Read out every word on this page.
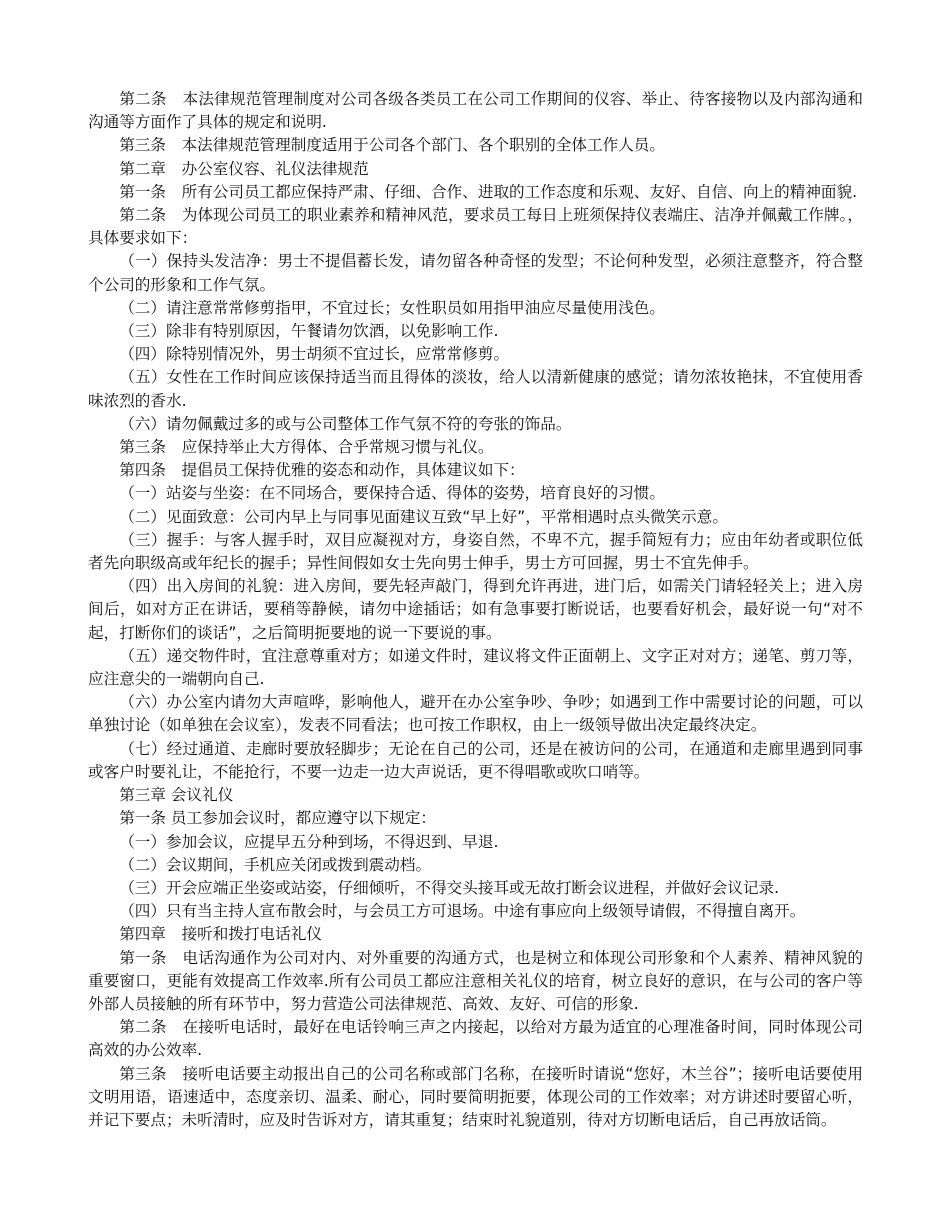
第二条　本法律规范管理制度对公司各级各类员工在公司工作期间的仪容、举止、待客接物以及内部沟通和沟通等方面作了具体的规定和说明.

第三条　本法律规范管理制度适用于公司各个部门、各个职别的全体工作人员。

第二章　办公室仪容、礼仪法律规范

第一条　所有公司员工都应保持严肃、仔细、合作、进取的工作态度和乐观、友好、自信、向上的精神面貌.

第二条　为体现公司员工的职业素养和精神风范，要求员工每日上班须保持仪表端庄、洁净并佩戴工作牌。，具体要求如下：

（一）保持头发洁净：男士不提倡蓄长发，请勿留各种奇怪的发型；不论何种发型，必须注意整齐，符合整个公司的形象和工作气氛。

（二）请注意常常修剪指甲，不宜过长；女性职员如用指甲油应尽量使用浅色。

（三）除非有特别原因，午餐请勿饮酒，以免影响工作.

（四）除特别情况外，男士胡须不宜过长，应常常修剪。

（五）女性在工作时间应该保持适当而且得体的淡妆，给人以清新健康的感觉；请勿浓妆艳抹，不宜使用香味浓烈的香水.

（六）请勿佩戴过多的或与公司整体工作气氛不符的夸张的饰品。

第三条　应保持举止大方得体、合乎常规习惯与礼仪。

第四条　提倡员工保持优雅的姿态和动作，具体建议如下：

（一）站姿与坐姿：在不同场合，要保持合适、得体的姿势，培育良好的习惯。

（二）见面致意：公司内早上与同事见面建议互致“早上好”，平常相遇时点头微笑示意。

（三）握手：与客人握手时，双目应凝视对方，身姿自然，不卑不亢，握手简短有力；应由年幼者或职位低者先向职级高或年纪长的握手；异性间假如女士先向男士伸手，男士方可回握，男士不宜先伸手。

（四）出入房间的礼貌：进入房间，要先轻声敲门，得到允许再进，进门后，如需关门请轻轻关上；进入房间后，如对方正在讲话，要稍等静候，请勿中途插话；如有急事要打断说话，也要看好机会，最好说一句“对不起，打断你们的谈话”，之后简明扼要地的说一下要说的事。

（五）递交物件时，宜注意尊重对方；如递文件时，建议将文件正面朝上、文字正对对方；递笔、剪刀等，应注意尖的一端朝向自己.

（六）办公室内请勿大声喧哗，影响他人，避开在办公室争吵、争吵；如遇到工作中需要讨论的问题，可以单独讨论（如单独在会议室），发表不同看法；也可按工作职权，由上一级领导做出决定最终决定。

（七）经过通道、走廊时要放轻脚步；无论在自己的公司，还是在被访问的公司，在通道和走廊里遇到同事或客户时要礼让，不能抢行，不要一边走一边大声说话，更不得唱歌或吹口哨等。

第三章 会议礼仪

第一条 员工参加会议时，都应遵守以下规定：

（一）参加会议，应提早五分种到场，不得迟到、早退.

（二）会议期间，手机应关闭或拨到震动档。

（三）开会应端正坐姿或站姿，仔细倾听，不得交头接耳或无故打断会议进程，并做好会议记录.

（四）只有当主持人宣布散会时，与会员工方可退场。中途有事应向上级领导请假，不得擅自离开。

第四章　接听和拨打电话礼仪

第一条　电话沟通作为公司对内、对外重要的沟通方式，也是树立和体现公司形象和个人素养、精神风貌的重要窗口，更能有效提高工作效率.所有公司员工都应注意相关礼仪的培育，树立良好的意识，在与公司的客户等外部人员接触的所有环节中，努力营造公司法律规范、高效、友好、可信的形象.

第二条　在接听电话时，最好在电话铃响三声之内接起，以给对方最为适宜的心理准备时间，同时体现公司高效的办公效率.

第三条　接听电话要主动报出自己的公司名称或部门名称，在接听时请说“您好，木兰谷”；接听电话要使用文明用语，语速适中，态度亲切、温柔、耐心，同时要简明扼要，体现公司的工作效率；对方讲述时要留心听，并记下要点；未听清时，应及时告诉对方，请其重复；结束时礼貌道别，待对方切断电话后，自己再放话筒。
